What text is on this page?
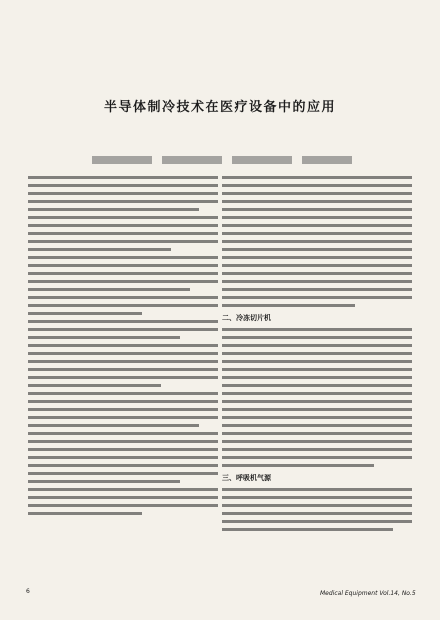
半导体制冷技术在医疗设备中的应用
二、冷冻切片机
三、呼吸机气源
6	Medical Equipment Vol.14, No.5
